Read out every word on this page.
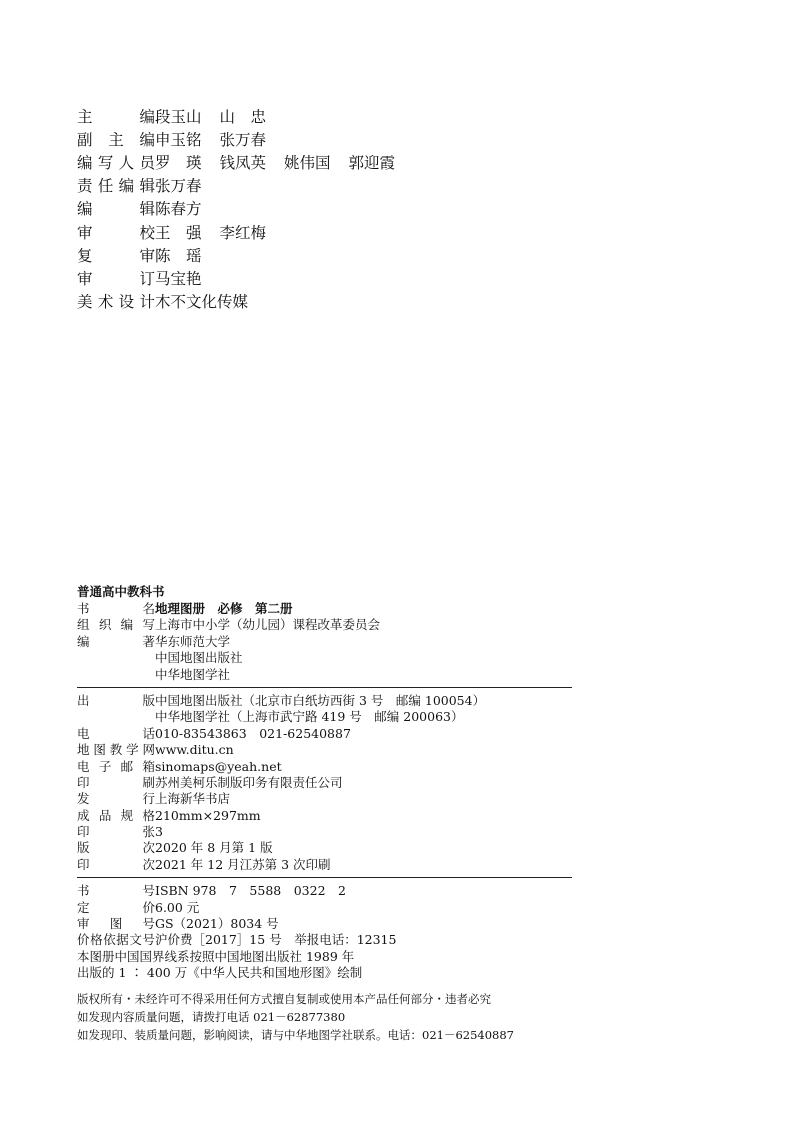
主	编 段玉山 山　忠
副 主 编 申玉铭 张万春
编 写 人 员 罗　瑛 钱凤英 姚伟国 郭迎霞
责 任 编 辑 张万春
编	辑 陈春方
审	校 王　强 李红梅
复	审 陈　瑶
审	订 马宝艳
美 术 设 计 木不文化传媒
普通高中教科书
书	名 地理图册　必修　第二册
组 织 编 写 上海市中小学（幼儿园）课程改革委员会
编	著 华东师范大学
中国地图出版社
中华地图学社
出	版 中国地图出版社（北京市白纸坊西街 3 号　邮编 100054）
中华地图学社（上海市武宁路 419 号　邮编 200063）
电	话 010-83543863　021-62540887
地 图 教 学 网 www.ditu.cn
电 子 邮 箱 sinomaps@yeah.net
印	刷 苏州美柯乐制版印务有限责任公司
发	行 上海新华书店
成 品 规 格 210mm×297mm
印	张 3
版	次 2020 年 8 月第 1 版
印	次 2021 年 12 月江苏第 3 次印刷
书	号 ISBN 978　7　5588　0322　2
定	价 6.00 元
审 图 号 GS（2021）8034 号
价 格 依 据 文 号 沪价费［2017］15 号　举报电话：12315
本图册中国国界线系按照中国地图出版社 1989 年
出版的 1 ∶ 400 万《中华人民共和国地形图》绘制
版权所有・未经许可不得采用任何方式擅自复制或使用本产品任何部分・违者必究
如发现内容质量问题，请拨打电话 021－62877380
如发现印、装质量问题，影响阅读，请与中华地图学社联系。电话：021－62540887
